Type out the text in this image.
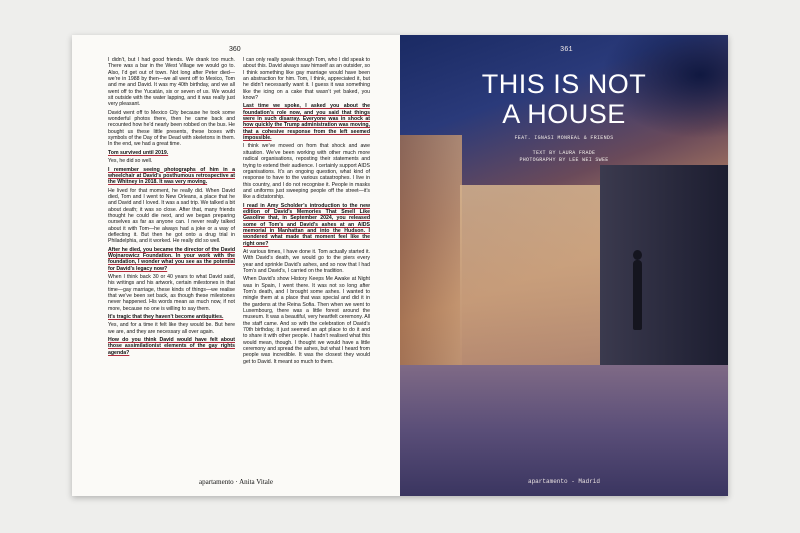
360

I didn’t, but I had good friends. We drank too much. There was a bar in the West Village we would go to. Also, I’d get out of town. Not long after Peter died—we’re in 1988 by then—we all went off to Mexico, Tom and me and David. It was my 40th birthday, and we all went off to the Yucatán, six or seven of us. We would sit outside with the water lapping, and it was really just very pleasant.

David went off to Mexico City because he took some wonderful photos there, then he came back and recounted how he’d nearly been robbed on the bus. He bought us these little presents, these boxes with symbols of the Day of the Dead with skeletons in them. In the end, we had a great time.

Tom survived until 2019.

Yes, he did so well.

I remember seeing photographs of him in a wheelchair at David’s posthumous retrospective at the Whitney in 2018. It was very moving.

He lived for that moment, he really did. When David died, Tom and I went to New Orleans, a place that he and David and I loved. It was a sad trip. We talked a bit about death; it was so close. After that, many friends thought he could die next, and we began preparing ourselves as far as anyone can. I never really talked about it with Tom—he always had a joke or a way of deflecting it. But then he got onto a drug trial in Philadelphia, and it worked. He really did so well.

After he died, you became the director of the David Wojnarowicz Foundation. In your work with the foundation, I wonder what you see as the potential for David’s legacy now?

When I think back 30 or 40 years to what David said, his writings and his artwork, certain milestones in that time—gay marriage, these kinds of things—we realise that we’ve been set back, as though these milestones never happened. His words mean as much now, if not more, because no one is willing to say them.

It’s tragic that they haven’t become antiquities.

Yes, and for a time it felt like they would be. But here we are, and they are necessary all over again.

How do you think David would have felt about those assimilationist elements of the gay rights agenda?

I can only really speak through Tom, who I did speak to about this. David always saw himself as an outsider, so I think something like gay marriage would have been an abstraction for him. Tom, I think, appreciated it, but he didn’t necessarily want it. I guess it was something like the icing on a cake that wasn’t yet baked, you know?

Last time we spoke, I asked you about the foundation’s role now, and you said that things were in such disarray. Everyone was in shock at how quickly the Trump administration was moving, that a cohesive response from the left seemed impossible.

I think we’ve moved on from that shock and awe situation. We’ve been working with other much more radical organisations, reposting their statements and trying to extend their audience. I certainly support AIDS organisations. It’s an ongoing question, what kind of response to have to the various catastrophes. I live in this country, and I do not recognise it. People in masks and uniforms just sweeping people off the street—it’s like a dictatorship.

I read in Amy Scholder’s introduction to the new edition of David’s Memories That Smell Like Gasoline that, in September 2024, you released some of Tom’s and David’s ashes at an AIDS memorial in Manhattan and into the Hudson. I wondered what made that moment feel like the right one?

At various times, I have done it. Tom actually started it. With David’s death, we would go to the piers every year and sprinkle David’s ashes, and so now that I had Tom’s and David’s, I carried on the tradition.

When David’s show History Keeps Me Awake at Night was in Spain, I went there. It was not so long after Tom’s death, and I brought some ashes. I wanted to mingle them at a place that was special and did it in the gardens at the Reina Sofia. Then when we went to Luxembourg, there was a little forest around the museum. It was a beautiful, very heartfelt ceremony. All the staff came. And so with the celebration of David’s 70th birthday, it just seemed an apt place to do it and to share it with other people. I hadn’t realised what this would mean, though. I thought we would have a little ceremony and spread the ashes, but what I heard from people was incredible. It was the closest they would get to David. It meant so much to them.

apartamento · Anita Vitale
361
THIS IS NOT
A HOUSE
FEAT. IGNASI MONREAL & FRIENDS
TEXT BY LAURA FRADE
PHOTOGRAPHY BY LEE WEI SWEE
apartamento - Madrid
